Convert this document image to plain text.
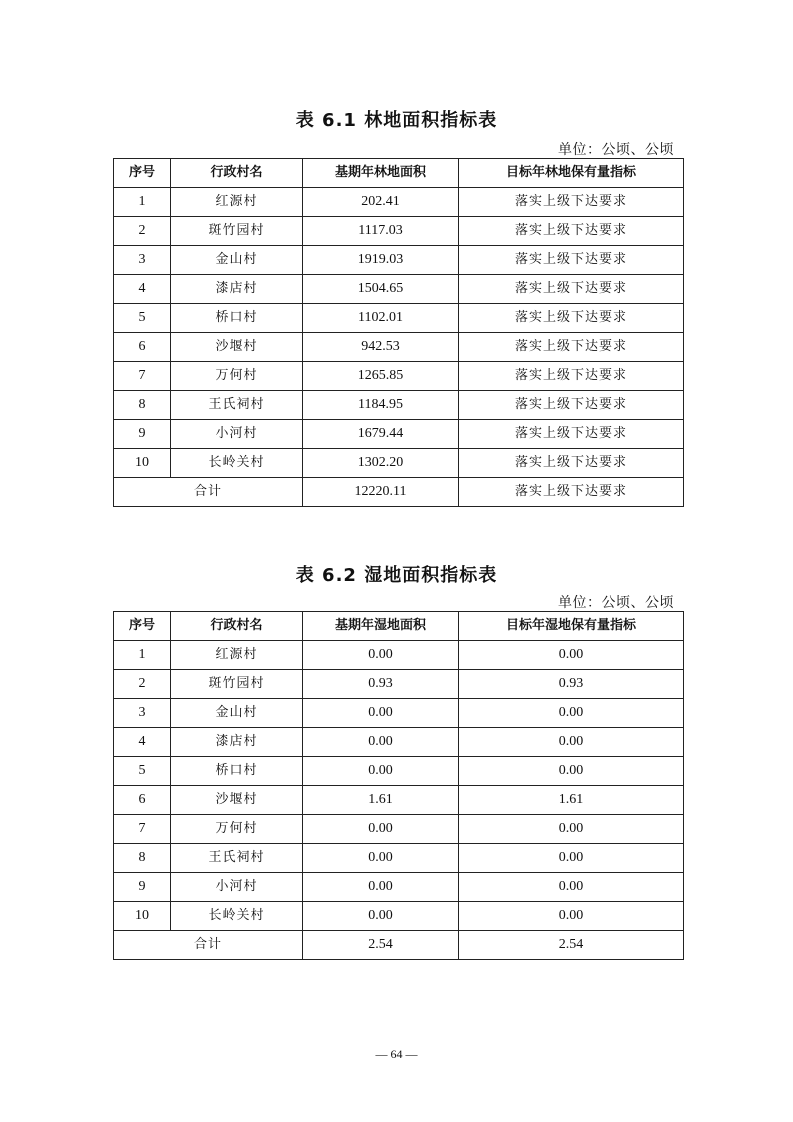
表 6.1 林地面积指标表
单位：公顷、公顷
序号	行政村名	基期年林地面积	目标年林地保有量指标
1	红源村	202.41	落实上级下达要求
2	斑竹园村	1117.03	落实上级下达要求
3	金山村	1919.03	落实上级下达要求
4	漆店村	1504.65	落实上级下达要求
5	桥口村	1102.01	落实上级下达要求
6	沙堰村	942.53	落实上级下达要求
7	万何村	1265.85	落实上级下达要求
8	王氏祠村	1184.95	落实上级下达要求
9	小河村	1679.44	落实上级下达要求
10	长岭关村	1302.20	落实上级下达要求
合计		12220.11	落实上级下达要求
表 6.2 湿地面积指标表
单位：公顷、公顷
序号	行政村名	基期年湿地面积	目标年湿地保有量指标
1	红源村	0.00	0.00
2	斑竹园村	0.93	0.93
3	金山村	0.00	0.00
4	漆店村	0.00	0.00
5	桥口村	0.00	0.00
6	沙堰村	1.61	1.61
7	万何村	0.00	0.00
8	王氏祠村	0.00	0.00
9	小河村	0.00	0.00
10	长岭关村	0.00	0.00
合计		2.54	2.54
— 64 —
